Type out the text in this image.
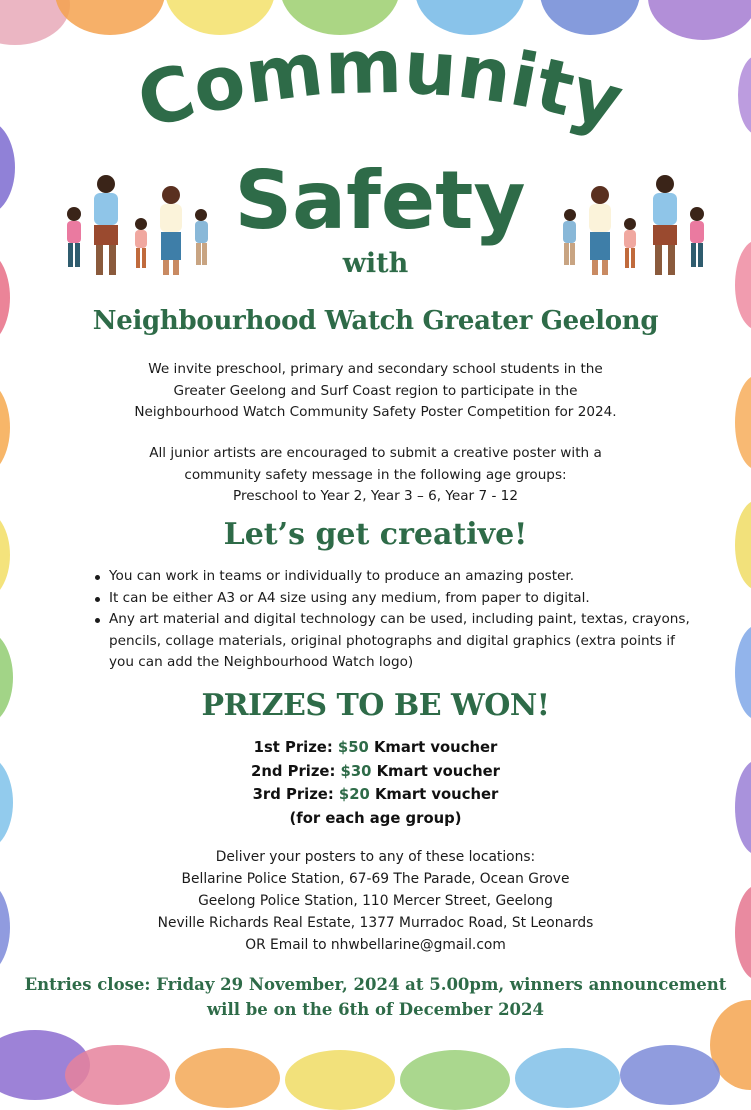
Community
Safety
with
Neighbourhood Watch Greater Geelong

We invite preschool, primary and secondary school students in the

Greater Geelong and Surf Coast region to participate in the

Neighbourhood Watch Community Safety Poster Competition for 2024.

All junior artists are encouraged to submit a creative poster with a

community safety message in the following age groups:

Preschool to Year 2, Year 3 – 6, Year 7 - 12

Let’s get creative!
You can work in teams or individually to produce an amazing poster.
It can be either A3 or A4 size using any medium, from paper to digital.
Any art material and digital technology can be used, including paint, textas, crayons, pencils, collage materials, original photographs and digital graphics (extra points if you can add the Neighbourhood Watch logo)
PRIZES TO BE WON!
1st Prize: $50 Kmart voucher
2nd Prize: $30 Kmart voucher
3rd Prize: $20 Kmart voucher
(for each age group)

Deliver your posters to any of these locations:

Bellarine Police Station, 67-69 The Parade, Ocean Grove

Geelong Police Station, 110 Mercer Street, Geelong

Neville Richards Real Estate, 1377 Murradoc Road, St Leonards

OR Email to nhwbellarine@gmail.com

Entries close: Friday 29 November, 2024 at 5.00pm, winners announcement
will be on the 6th of December 2024
